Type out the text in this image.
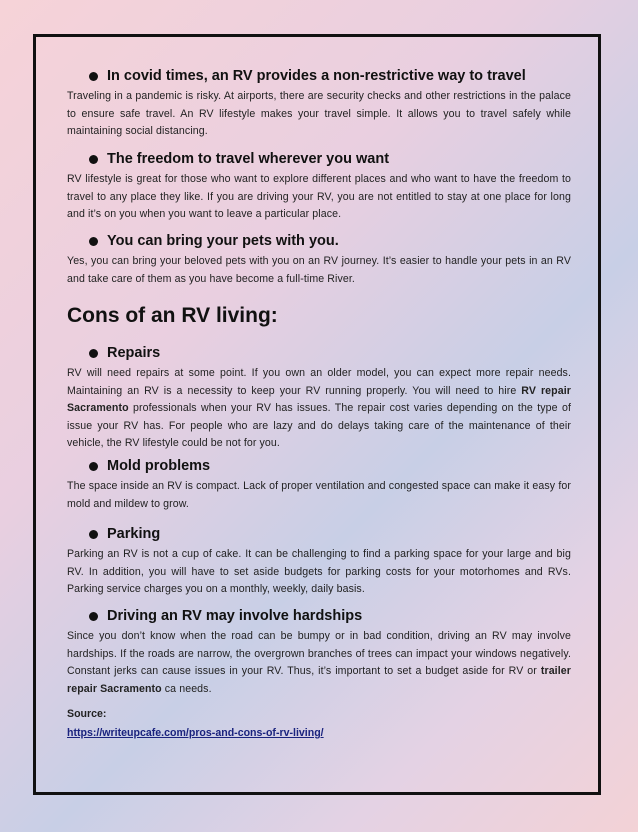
In covid times, an RV provides a non-restrictive way to travel

Traveling in a pandemic is risky. At airports, there are security checks and other restrictions in the palace to ensure safe travel. An RV lifestyle makes your travel simple. It allows you to travel safely while maintaining social distancing.

The freedom to travel wherever you want

RV lifestyle is great for those who want to explore different places and who want to have the freedom to travel to any place they like. If you are driving your RV, you are not entitled to stay at one place for long and it’s on you when you want to leave a particular place.

You can bring your pets with you.

Yes, you can bring your beloved pets with you on an RV journey. It’s easier to handle your pets in an RV and take care of them as you have become a full-time River.

Cons of an RV living:
Repairs

RV will need repairs at some point. If you own an older model, you can expect more repair needs. Maintaining an RV is a necessity to keep your RV running properly. You will need to hire RV repair Sacramento professionals when your RV has issues. The repair cost varies depending on the type of issue your RV has. For people who are lazy and do delays taking care of the maintenance of their vehicle, the RV lifestyle could be not for you.

Mold problems

The space inside an RV is compact. Lack of proper ventilation and congested space can make it easy for mold and mildew to grow.

Parking

Parking an RV is not a cup of cake. It can be challenging to find a parking space for your large and big RV. In addition, you will have to set aside budgets for parking costs for your motorhomes and RVs. Parking service charges you on a monthly, weekly, daily basis.

Driving an RV may involve hardships

Since you don’t know when the road can be bumpy or in bad condition, driving an RV may involve hardships. If the roads are narrow, the overgrown branches of trees can impact your windows negatively. Constant jerks can cause issues in your RV. Thus, it’s important to set a budget aside for RV or trailer repair Sacramento ca needs.

Source:
https://writeupcafe.com/pros-and-cons-of-rv-living/
